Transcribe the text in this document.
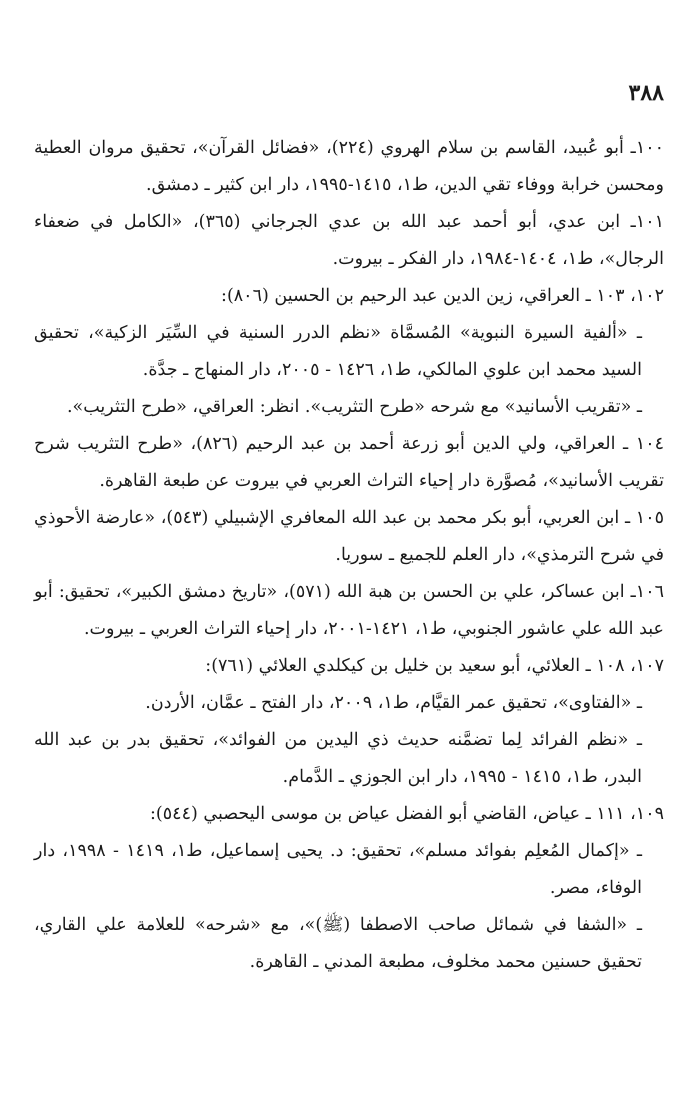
٣٨٨

١٠٠ـ أبو عُبيد، القاسم بن سلام الهروي (٢٢٤)، «فضائل القرآن»، تحقيق مروان العطية ومحسن خرابة ووفاء تقي الدين، ط١، ١٤١٥-١٩٩٥، دار ابن كثير ـ دمشق.

١٠١ـ ابن عدي، أبو أحمد عبد الله بن عدي الجرجاني (٣٦٥)، «الكامل في ضعفاء الرجال»، ط١، ١٤٠٤-١٩٨٤، دار الفكر ـ بيروت.

١٠٢، ١٠٣ ـ العراقي، زين الدين عبد الرحيم بن الحسين (٨٠٦):

ـ «ألفية السيرة النبوية» المُسمَّاة «نظم الدرر السنية في السِّيَر الزكية»، تحقيق السيد محمد ابن علوي المالكي، ط١، ١٤٢٦ - ٢٠٠٥، دار المنهاج ـ جدَّة.

ـ «تقريب الأسانيد» مع شرحه «طرح التثريب». انظر: العراقي، «طرح التثريب».

١٠٤ ـ العراقي، ولي الدين أبو زرعة أحمد بن عبد الرحيم (٨٢٦)، «طرح التثريب شرح تقريب الأسانيد»، مُصوَّرة دار إحياء التراث العربي في بيروت عن طبعة القاهرة.

١٠٥ ـ ابن العربي، أبو بكر محمد بن عبد الله المعافري الإشبيلي (٥٤٣)، «عارضة الأحوذي في شرح الترمذي»، دار العلم للجميع ـ سوريا.

١٠٦ـ ابن عساكر، علي بن الحسن بن هبة الله (٥٧١)، «تاريخ دمشق الكبير»، تحقيق: أبو عبد الله علي عاشور الجنوبي، ط١، ١٤٢١-٢٠٠١، دار إحياء التراث العربي ـ بيروت.

١٠٧، ١٠٨ ـ العلائي، أبو سعيد بن خليل بن كيكلدي العلائي (٧٦١):

ـ «الفتاوى»، تحقيق عمر القيَّام، ط١، ٢٠٠٩، دار الفتح ـ عمَّان، الأردن.

ـ «نظم الفرائد لِما تضمَّنه حديث ذي اليدين من الفوائد»، تحقيق بدر بن عبد الله البدر، ط١، ١٤١٥ - ١٩٩٥، دار ابن الجوزي ـ الدَّمام.

١٠٩، ١١١ ـ عياض، القاضي أبو الفضل عياض بن موسى اليحصبي (٥٤٤):

ـ «إكمال المُعلِم بفوائد مسلم»، تحقيق: د. يحيى إسماعيل، ط١، ١٤١٩ - ١٩٩٨، دار الوفاء، مصر.

ـ «الشفا في شمائل صاحب الاصطفا (ﷺ)»، مع «شرحه» للعلامة علي القاري، تحقيق حسنين محمد مخلوف، مطبعة المدني ـ القاهرة.
